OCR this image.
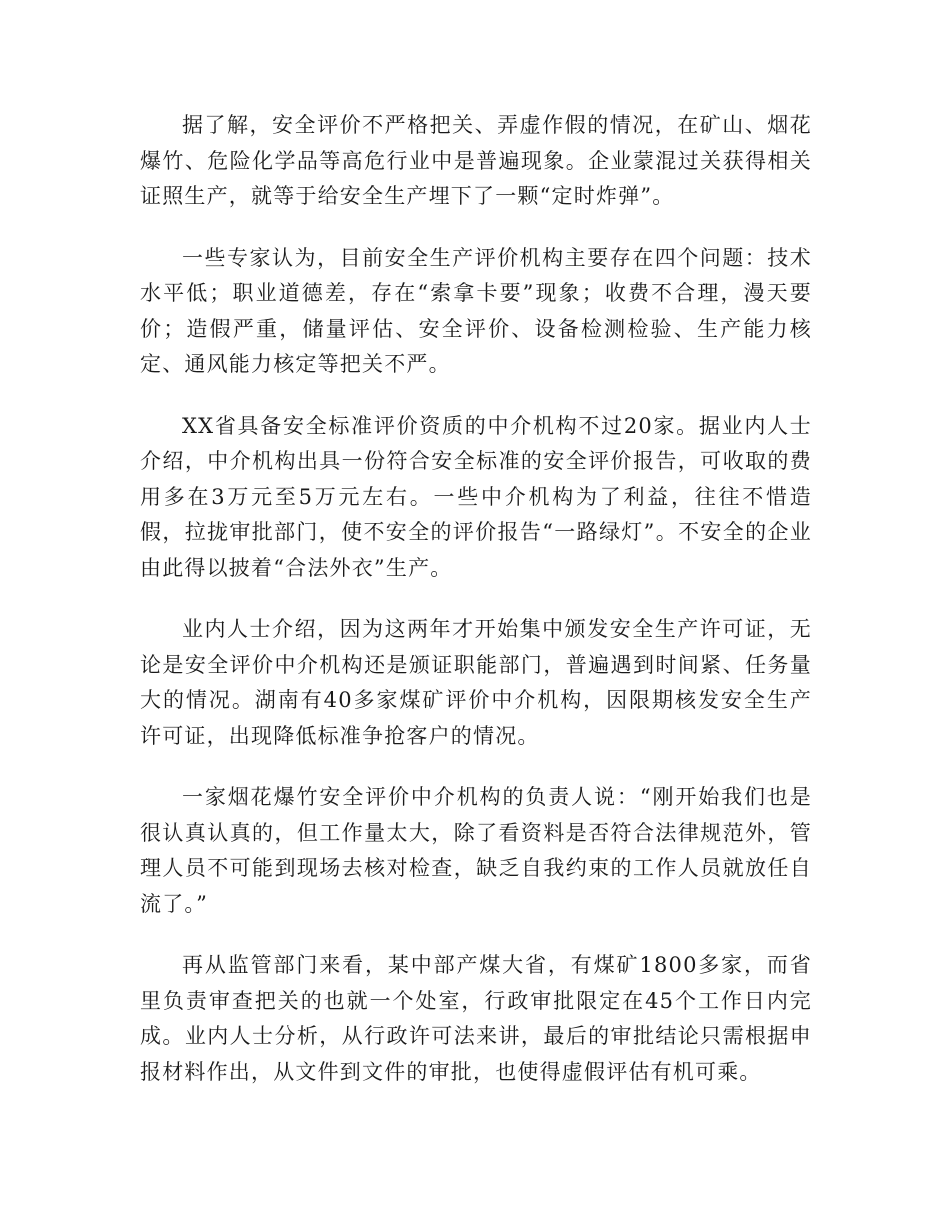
据了解，安全评价不严格把关、弄虚作假的情况，在矿山、烟花爆竹、危险化学品等高危行业中是普遍现象。企业蒙混过关获得相关证照生产，就等于给安全生产埋下了一颗“定时炸弹”。

一些专家认为，目前安全生产评价机构主要存在四个问题：技术水平低；职业道德差，存在“索拿卡要”现象；收费不合理，漫天要价；造假严重，储量评估、安全评价、设备检测检验、生产能力核定、通风能力核定等把关不严。

XX省具备安全标准评价资质的中介机构不过20家。据业内人士介绍，中介机构出具一份符合安全标准的安全评价报告，可收取的费用多在3万元至5万元左右。一些中介机构为了利益，往往不惜造假，拉拢审批部门，使不安全的评价报告“一路绿灯”。不安全的企业由此得以披着“合法外衣”生产。

业内人士介绍，因为这两年才开始集中颁发安全生产许可证，无论是安全评价中介机构还是颁证职能部门，普遍遇到时间紧、任务量大的情况。湖南有40多家煤矿评价中介机构，因限期核发安全生产许可证，出现降低标准争抢客户的情况。

一家烟花爆竹安全评价中介机构的负责人说：“刚开始我们也是很认真认真的，但工作量太大，除了看资料是否符合法律规范外，管理人员不可能到现场去核对检查，缺乏自我约束的工作人员就放任自流了。”

再从监管部门来看，某中部产煤大省，有煤矿1800多家，而省里负责审查把关的也就一个处室，行政审批限定在45个工作日内完成。业内人士分析，从行政许可法来讲，最后的审批结论只需根据申报材料作出，从文件到文件的审批，也使得虚假评估有机可乘。
